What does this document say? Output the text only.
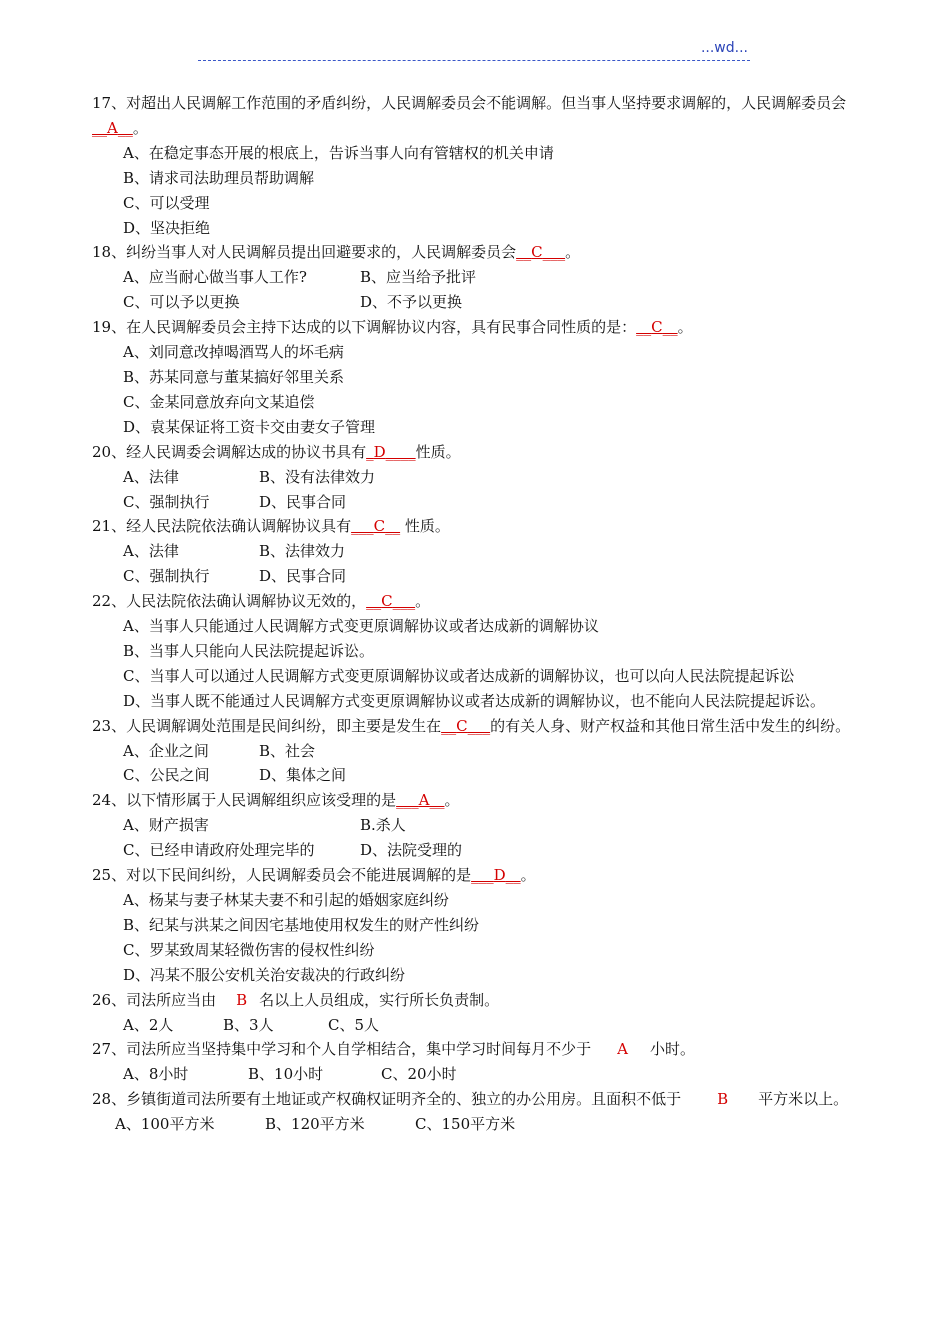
...wd...

17、对超出人民调解工作范围的矛盾纠纷，人民调解委员会不能调解。但当事人坚持要求调解的，人民调解委员会__A__。

A、在稳定事态开展的根底上，告诉当事人向有管辖权的机关申请

B、请求司法助理员帮助调解

C、可以受理

D、坚决拒绝

18、纠纷当事人对人民调解员提出回避要求的，人民调解委员会__C___。

A、应当耐心做当事人工作?	B、应当给予批评

C、可以予以更换	D、不予以更换

19、在人民调解委员会主持下达成的以下调解协议内容，具有民事合同性质的是：__C__。

A、刘同意改掉喝酒骂人的坏毛病

B、苏某同意与董某搞好邻里关系

C、金某同意放弃向文某追偿

D、袁某保证将工资卡交由妻女子管理

20、经人民调委会调解达成的协议书具有_D____性质。

A、法律	B、没有法律效力

C、强制执行	D、民事合同

21、经人民法院依法确认调解协议具有___C__ 性质。

A、法律	B、法律效力

C、强制执行	D、民事合同

22、人民法院依法确认调解协议无效的，__C___。

A、当事人只能通过人民调解方式变更原调解协议或者达成新的调解协议

B、当事人只能向人民法院提起诉讼。

C、当事人可以通过人民调解方式变更原调解协议或者达成新的调解协议，也可以向人民法院提起诉讼

D、当事人既不能通过人民调解方式变更原调解协议或者达成新的调解协议，也不能向人民法院提起诉讼。

23、人民调解调处范围是民间纠纷，即主要是发生在__C___的有关人身、财产权益和其他日常生活中发生的纠纷。

A、企业之间	B、社会

C、公民之间	D、集体之间

24、以下情形属于人民调解组织应该受理的是___A__。

A、财产损害	B.杀人

C、已经申请政府处理完毕的	D、法院受理的

25、对以下民间纠纷，人民调解委员会不能进展调解的是___D__。

A、杨某与妻子林某夫妻不和引起的婚姻家庭纠纷

B、纪某与洪某之间因宅基地使用权发生的财产性纠纷

C、罗某致周某轻微伤害的侵权性纠纷

D、冯某不服公安机关治安裁决的行政纠纷

26、司法所应当由 B 名以上人员组成，实行所长负责制。

A、2人	B、3人	C、5人

27、司法所应当坚持集中学习和个人自学相结合，集中学习时间每月不少于 A 小时。

A、8小时	B、10小时	C、20小时

28、乡镇街道司法所要有土地证或产权确权证明齐全的、独立的办公用房。且面积不低于 B 平方米以上。

A、100平方米	B、120平方米	C、150平方米
